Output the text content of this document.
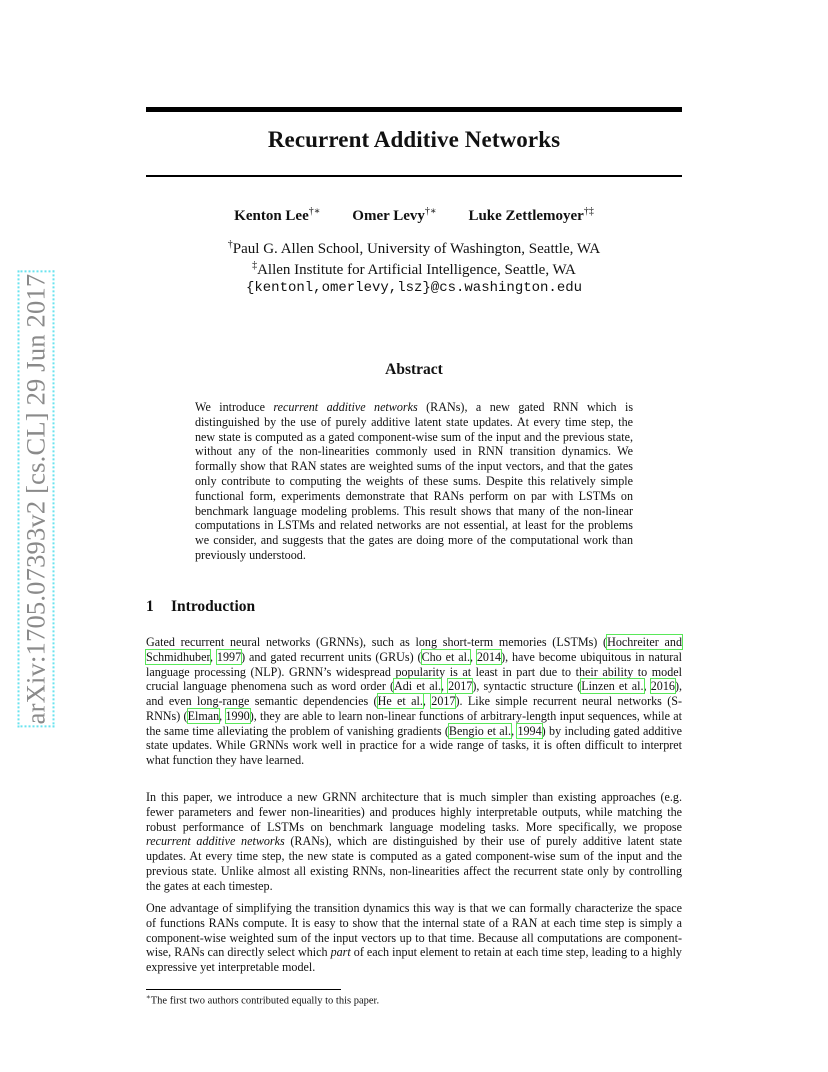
arXiv:1705.07393v2 [cs.CL] 29 Jun 2017
Recurrent Additive Networks
Kenton Lee†∗ Omer Levy†∗ Luke Zettlemoyer†‡
†Paul G. Allen School, University of Washington, Seattle, WA
‡Allen Institute for Artificial Intelligence, Seattle, WA
{kentonl,omerlevy,lsz}@cs.washington.edu
Abstract
We introduce recurrent additive networks (RANs), a new gated RNN which is distinguished by the use of purely additive latent state updates. At every time step, the new state is computed as a gated component-wise sum of the input and the previous state, without any of the non-linearities commonly used in RNN transition dynamics. We formally show that RAN states are weighted sums of the input vectors, and that the gates only contribute to computing the weights of these sums. Despite this relatively simple functional form, experiments demonstrate that RANs perform on par with LSTMs on benchmark language modeling problems. This result shows that many of the non-linear computations in LSTMs and related networks are not essential, at least for the problems we consider, and suggests that the gates are doing more of the computational work than previously understood.
1 Introduction
Gated recurrent neural networks (GRNNs), such as long short-term memories (LSTMs) (Hochreiter and Schmidhuber, 1997) and gated recurrent units (GRUs) (Cho et al., 2014), have become ubiquitous in natural language processing (NLP). GRNN’s widespread popularity is at least in part due to their ability to model crucial language phenomena such as word order (Adi et al., 2017), syntactic structure (Linzen et al., 2016), and even long-range semantic dependencies (He et al., 2017). Like simple recurrent neural networks (S-RNNs) (Elman, 1990), they are able to learn non-linear functions of arbitrary-length input sequences, while at the same time alleviating the problem of vanishing gradients (Bengio et al., 1994) by including gated additive state updates. While GRNNs work well in practice for a wide range of tasks, it is often difficult to interpret what function they have learned.
In this paper, we introduce a new GRNN architecture that is much simpler than existing approaches (e.g. fewer parameters and fewer non-linearities) and produces highly interpretable outputs, while matching the robust performance of LSTMs on benchmark language modeling tasks. More specifically, we propose recurrent additive networks (RANs), which are distinguished by their use of purely additive latent state updates. At every time step, the new state is computed as a gated component-wise sum of the input and the previous state. Unlike almost all existing RNNs, non-linearities affect the recurrent state only by controlling the gates at each timestep.
One advantage of simplifying the transition dynamics this way is that we can formally characterize the space of functions RANs compute. It is easy to show that the internal state of a RAN at each time step is simply a component-wise weighted sum of the input vectors up to that time. Because all computations are component-wise, RANs can directly select which part of each input element to retain at each time step, leading to a highly expressive yet interpretable model.
∗The first two authors contributed equally to this paper.
